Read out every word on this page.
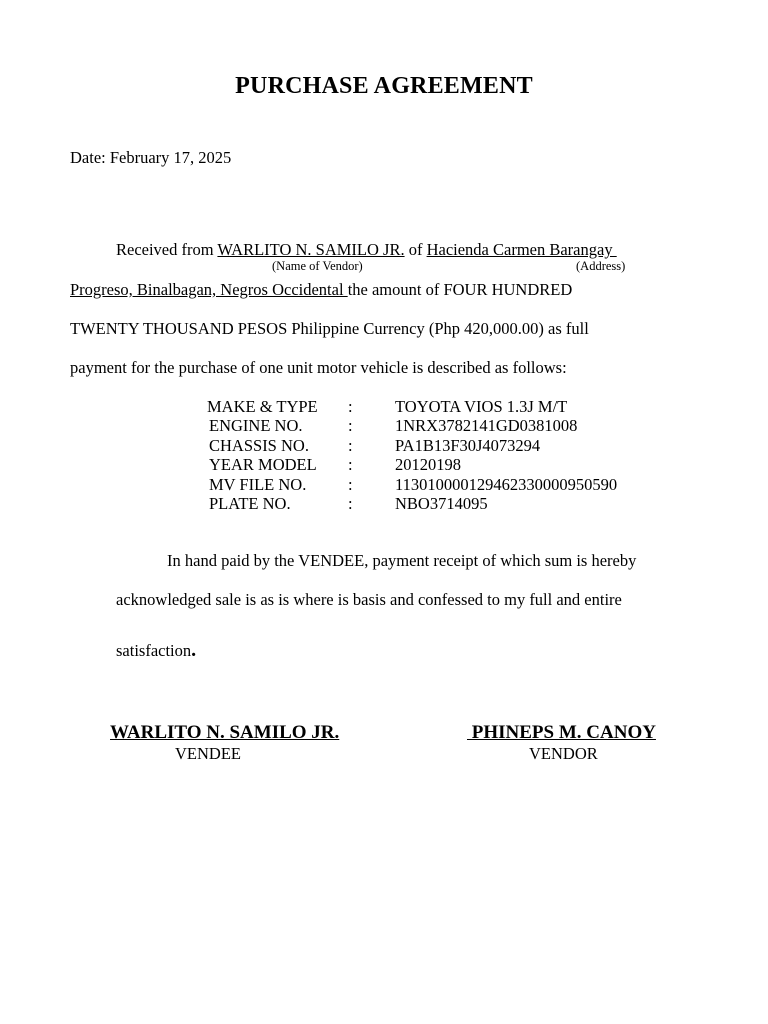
PURCHASE AGREEMENT
Date: February 17, 2025
Received from WARLITO N. SAMILO JR. of Hacienda Carmen Barangay
(Name of Vendor)	(Address)
Progreso, Binalbagan, Negros Occidental the amount of FOUR HUNDRED
TWENTY THOUSAND PESOS Philippine Currency (Php 420,000.00) as full
payment for the purchase of one unit motor vehicle is described as follows:
MAKE & TYPE :	TOYOTA VIOS 1.3J M/T
ENGINE NO.	:	1NRX3782141GD0381008
CHASSIS NO. :	PA1B13F30J4073294
YEAR MODEL :	20120198
MV FILE NO.	:	113010000129462330000950590
PLATE NO.	:	NBO3714095
In hand paid by the VENDEE, payment receipt of which sum is hereby
acknowledged sale is as is where is basis and confessed to my full and entire
satisfaction.
WARLITO N. SAMILO JR.
VENDEE
PHINEPS M. CANOY
VENDOR
